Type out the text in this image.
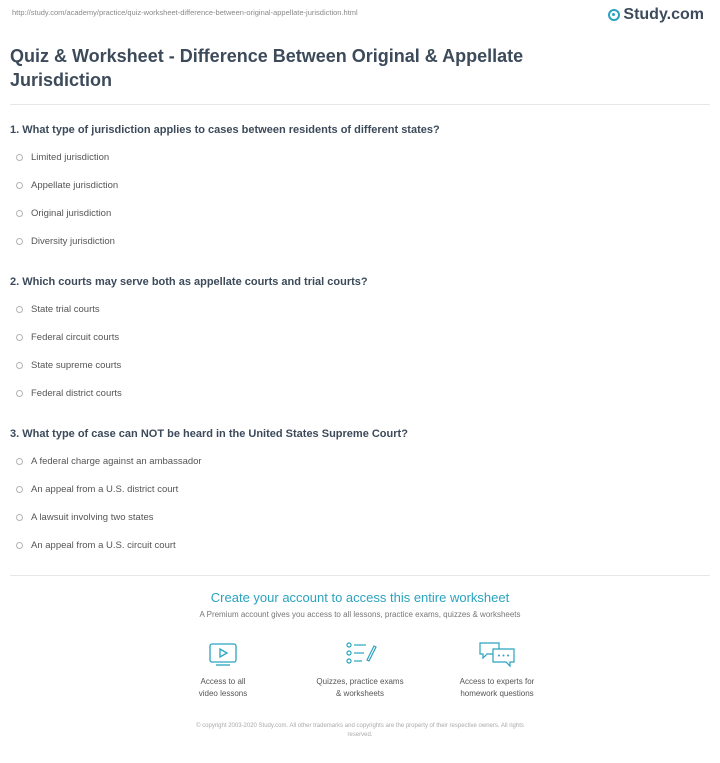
http://study.com/academy/practice/quiz-worksheet-difference-between-original-appellate-jurisdiction.html	Study.com
Quiz & Worksheet - Difference Between Original & Appellate Jurisdiction

1. What type of jurisdiction applies to cases between residents of different states?

Limited jurisdiction
Appellate jurisdiction
Original jurisdiction
Diversity jurisdiction

2. Which courts may serve both as appellate courts and trial courts?

State trial courts
Federal circuit courts
State supreme courts
Federal district courts

3. What type of case can NOT be heard in the United States Supreme Court?

A federal charge against an ambassador
An appeal from a U.S. district court
A lawsuit involving two states
An appeal from a U.S. circuit court

Create your account to access this entire worksheet

A Premium account gives you access to all lessons, practice exams, quizzes & worksheets
Access to all
video lessons
Quizzes, practice exams
& worksheets
Access to experts for
homework questions
© copyright 2003-2020 Study.com. All other trademarks and copyrights are the property of their respective owners. All rights
reserved.
